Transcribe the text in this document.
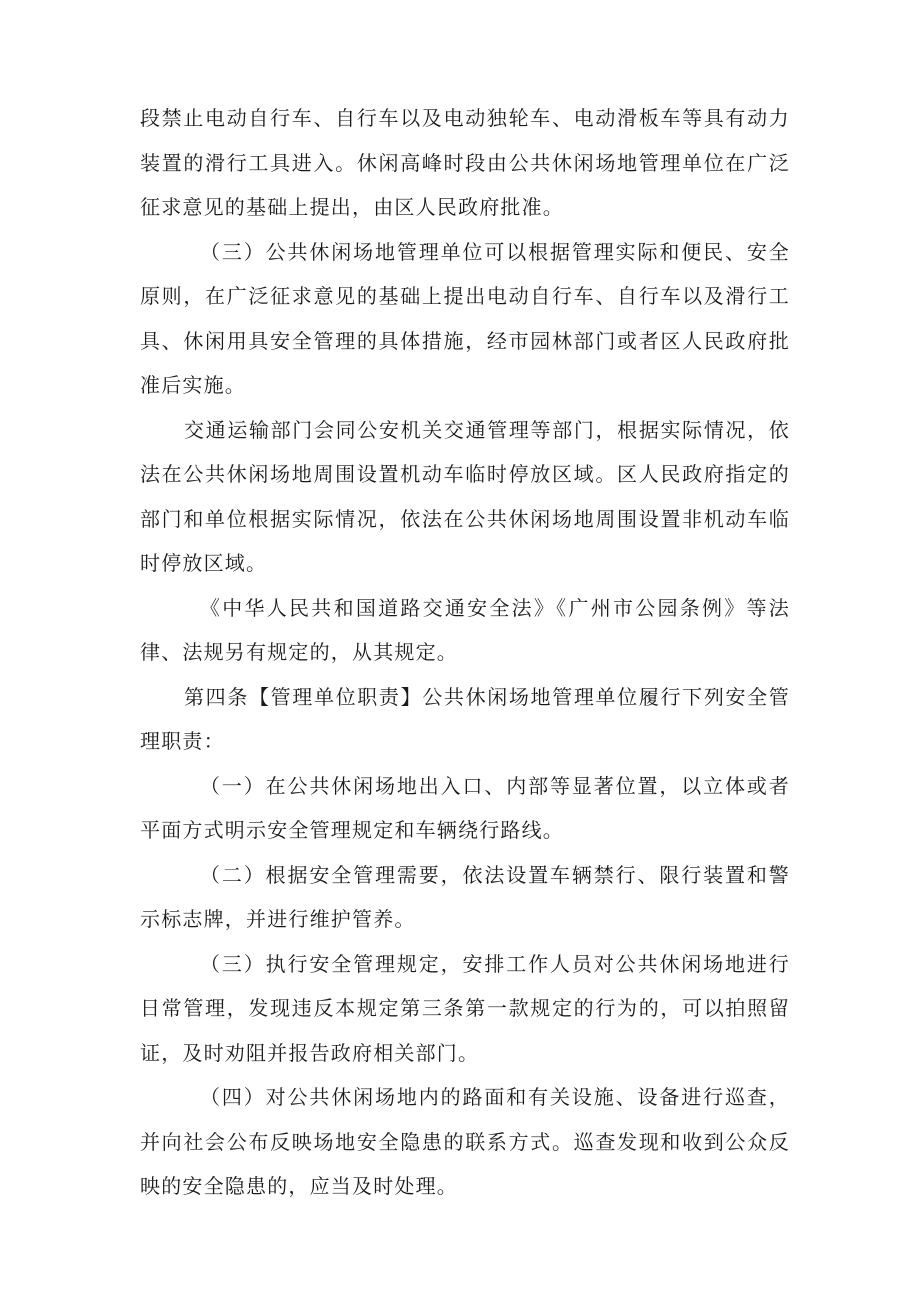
段禁止电动自行车、自行车以及电动独轮车、电动滑板车等具有动力装置的滑行工具进入。休闲高峰时段由公共休闲场地管理单位在广泛征求意见的基础上提出，由区人民政府批准。

（三）公共休闲场地管理单位可以根据管理实际和便民、安全原则，在广泛征求意见的基础上提出电动自行车、自行车以及滑行工具、休闲用具安全管理的具体措施，经市园林部门或者区人民政府批准后实施。

交通运输部门会同公安机关交通管理等部门，根据实际情况，依法在公共休闲场地周围设置机动车临时停放区域。区人民政府指定的部门和单位根据实际情况，依法在公共休闲场地周围设置非机动车临时停放区域。

《中华人民共和国道路交通安全法》《广州市公园条例》等法律、法规另有规定的，从其规定。

第四条【管理单位职责】公共休闲场地管理单位履行下列安全管理职责：

（一）在公共休闲场地出入口、内部等显著位置，以立体或者平面方式明示安全管理规定和车辆绕行路线。

（二）根据安全管理需要，依法设置车辆禁行、限行装置和警示标志牌，并进行维护管养。

（三）执行安全管理规定，安排工作人员对公共休闲场地进行日常管理，发现违反本规定第三条第一款规定的行为的，可以拍照留证，及时劝阻并报告政府相关部门。

（四）对公共休闲场地内的路面和有关设施、设备进行巡查，并向社会公布反映场地安全隐患的联系方式。巡查发现和收到公众反映的安全隐患的，应当及时处理。
